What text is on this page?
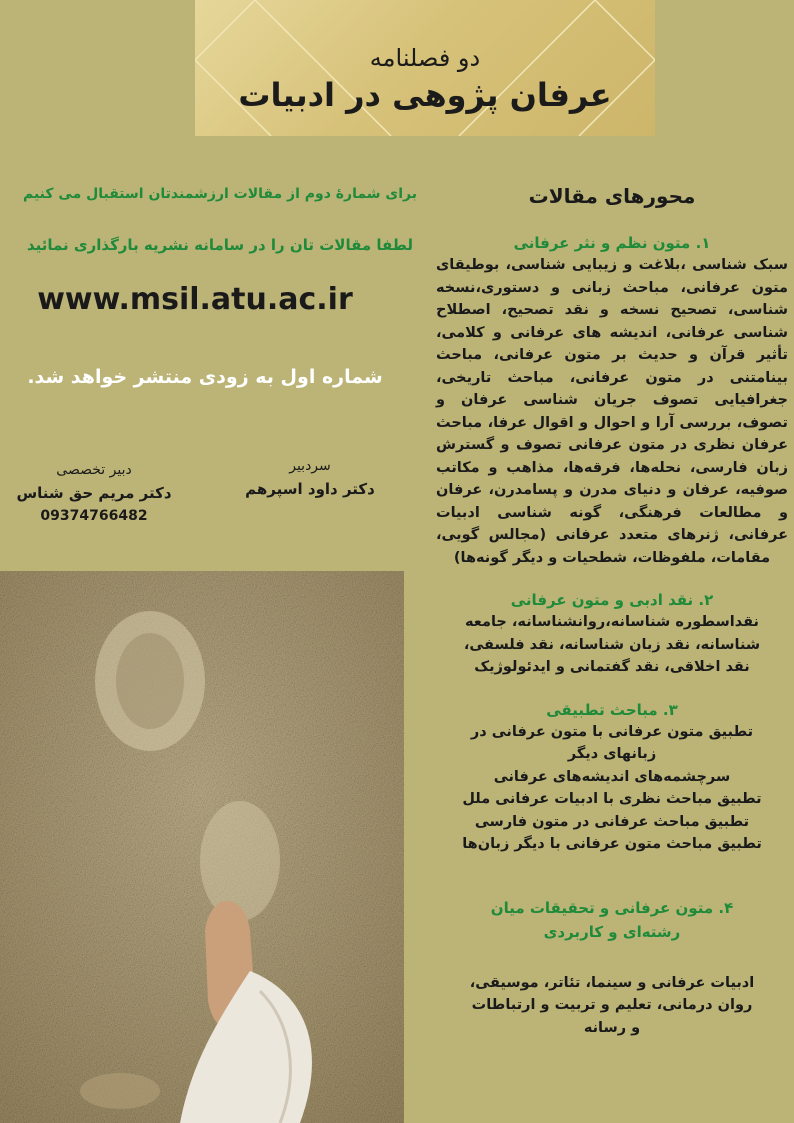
دو فصلنامه
عرفان پژوهی در ادبیات
برای شمارهٔ دوم از مقالات ارزشمندتان استقبال می کنیم
لطفا مقالات تان را در سامانه نشریه بارگذاری نمائید
www.msil.atu.ac.ir
شماره اول به زودی منتشر خواهد شد.
سردبیر
دکتر داود اسپرهم
دبیر تخصصی
دکتر مریم حق شناس
09374766482
محورهای مقالات
۱. متون نظم و نثر عرفانی
سبک شناسی ،بلاغت و زیبایی شناسی، بوطیقای متون عرفانی، مباحث زبانی و دستوری،نسخه شناسی، تصحیح نسخه و نقد تصحیح، اصطلاح شناسی عرفانی، اندیشه های عرفانی و کلامی، تأثیر قرآن و حدیث بر متون عرفانی، مباحث بینامتنی در متون عرفانی، مباحث تاریخی، جغرافیایی تصوف جریان شناسی عرفان و تصوف، بررسی آرا و احوال و اقوال عرفا، مباحث عرفان نظری در متون عرفانی تصوف و گسترش زبان فارسی، نحله‌ها، فرقه‌ها، مذاهب و مکاتب صوفیه، عرفان و دنیای مدرن و پسامدرن، عرفان و مطالعات فرهنگی، گونه شناسی ادبیات عرفانی، ژنرهای متعدد عرفانی (مجالس گویی، مقامات، ملفوظات، شطحیات و دیگر گونه‌ها)
۲. نقد ادبی و متون عرفانی
نقداسطوره شناسانه،روانشناسانه، جامعه شناسانه، نقد زبان شناسانه، نقد فلسفی، نقد اخلاقی، نقد گفتمانی و ایدئولوژیک
۳. مباحث تطبیقی
تطبیق متون عرفانی با متون عرفانی در
زبانهای دیگر
سرچشمه‌های اندیشه‌های عرفانی
تطبیق مباحث نظری با ادبیات عرفانی ملل
تطبیق مباحث عرفانی در متون فارسی
تطبیق مباحث متون عرفانی با دیگر زبان‌ها
۴. متون عرفانی و تحقیقات میان
رشته‌ای و کاربردی
ادبیات عرفانی و سینما، تئاتر، موسیقی، روان درمانی، تعلیم و تربیت و ارتباطات و رسانه
